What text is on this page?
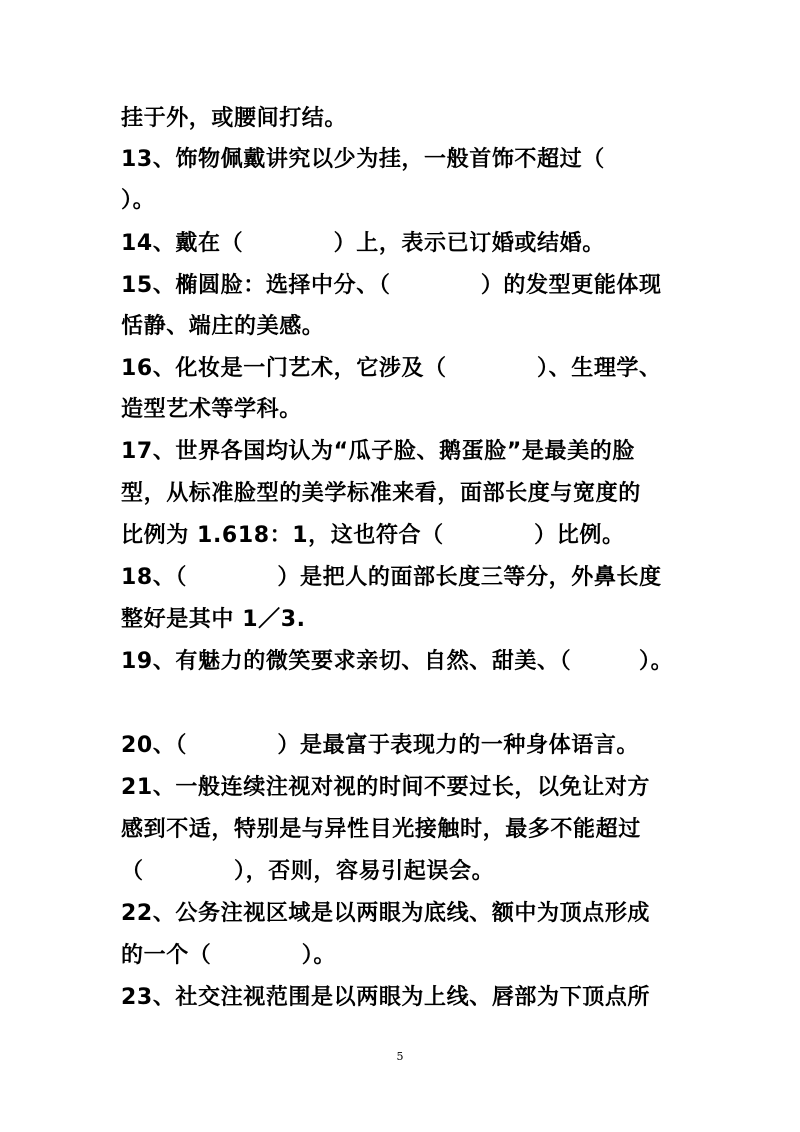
挂于外，或腰间打结。
13、饰物佩戴讲究以少为挂，一般首饰不超过（
）。
14、戴在（　　　　）上，表示已订婚或结婚。
15、椭圆脸：选择中分、（　　　　）的发型更能体现
恬静、端庄的美感。
16、化妆是一门艺术，它涉及（　　　　）、生理学、
造型艺术等学科。
17、世界各国均认为“瓜子脸、鹅蛋脸”是最美的脸
型，从标准脸型的美学标准来看，面部长度与宽度的
比例为 1.618：1，这也符合（　　　　）比例。
18、（　　　　）是把人的面部长度三等分，外鼻长度
整好是其中 1／3.
19、有魅力的微笑要求亲切、自然、甜美、（　　　）。
20、（　　　　）是最富于表现力的一种身体语言。
21、一般连续注视对视的时间不要过长，以免让对方
感到不适，特别是与异性目光接触时，最多不能超过
（　　　　），否则，容易引起误会。
22、公务注视区域是以两眼为底线、额中为顶点形成
的一个（　　　　）。
23、社交注视范围是以两眼为上线、唇部为下顶点所
5
